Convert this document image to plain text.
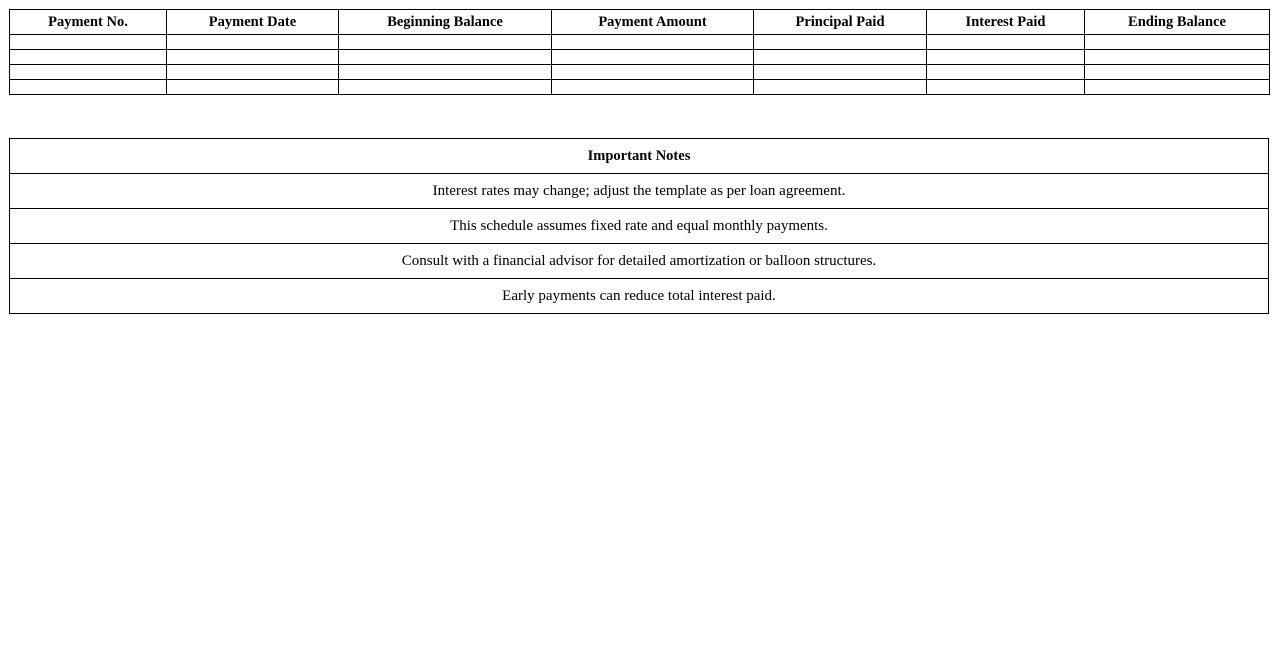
Payment No.	Payment Date	Beginning Balance	Payment Amount	Principal Paid	Interest Paid	Ending Balance

Important Notes
Interest rates may change; adjust the template as per loan agreement.
This schedule assumes fixed rate and equal monthly payments.
Consult with a financial advisor for detailed amortization or balloon structures.
Early payments can reduce total interest paid.
